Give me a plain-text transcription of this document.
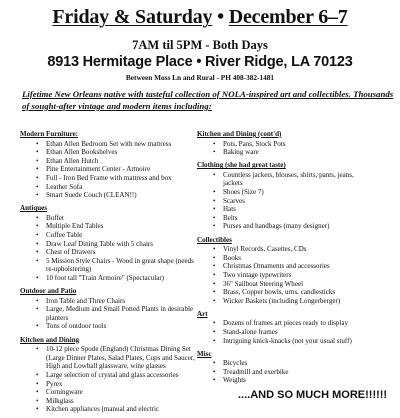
Friday & Saturday • December 6–7
7AM til 5PM - Both Days
8913 Hermitage Place • River Ridge, LA 70123
Between Moss Ln and Rural - PH 408-382-1481
Lifetime New Orleans native with tasteful collection of NOLA-inspired art and collectibles. Thousands of sought-after vintage and modern items including:
Modern Furniture:
• Ethan Allen Bedroom Set with new mattress
• Ethan Allen Bookshelves
• Ethan Allen Hutch
• Pine Entertainment Center - Armoire
• Full - Iron Bed Frame with mattress and box
• Leather Sofa
• Smart Suede Couch (CLEAN!!)
Antiques
• Buffet
• Multiple End Tables
• Coffee Table
• Draw Leaf Dining Table with 5 chairs
• Chest of Drawers
• 5 Mission Style Chairs - Wood in great shape (needs re-upholstering)
• 10 foot tall "Train Armoire" (Spectacular)
Outdoor and Patio
• Iron Table and Three Chairs
• Large, Medium and Small Potted Plants in desirable planters
• Tons of outdoor tools
Kitchen and Dining
• 10-12 piece Spode (England) Christmas Dining Set (Large Dinner Plates, Salad Plates, Cups and Saucer, High and Lowball glassware, wine glasses
• Large selection of crystal and glass accessories
• Pyrex
• Corningware
• Milkglass
• Kitchen appliances (manual and electric
Kitchen and Dining (cont'd)
• Pots, Pans, Stock Pots
• Baking ware
Clothing (she had great taste)
• Countless jackets, blouses, shirts, pants, jeans, jackets
• Shoes (Size 7)
• Scarves
• Hats
• Belts
• Purses and handbags (many designer)
Collectibles
• Vinyl Records, Casettes, CDs
• Books
• Christmas Ornaments and accessories
• Two vintage typewriters
• 36" Sailboat Steering Wheel
• Brass, Copper bowls, urns, candlesticks
• Wicker Baskets (including Longerberger)
Art
• Dozens of frames art pieces ready to display
• Stand-alone frames
• Intriguing knick-knacks (not your usual stuff)
Misc
• Bicycles
• Treadmill and exerbike
• Weights
....AND SO MUCH MORE!!!!!!
